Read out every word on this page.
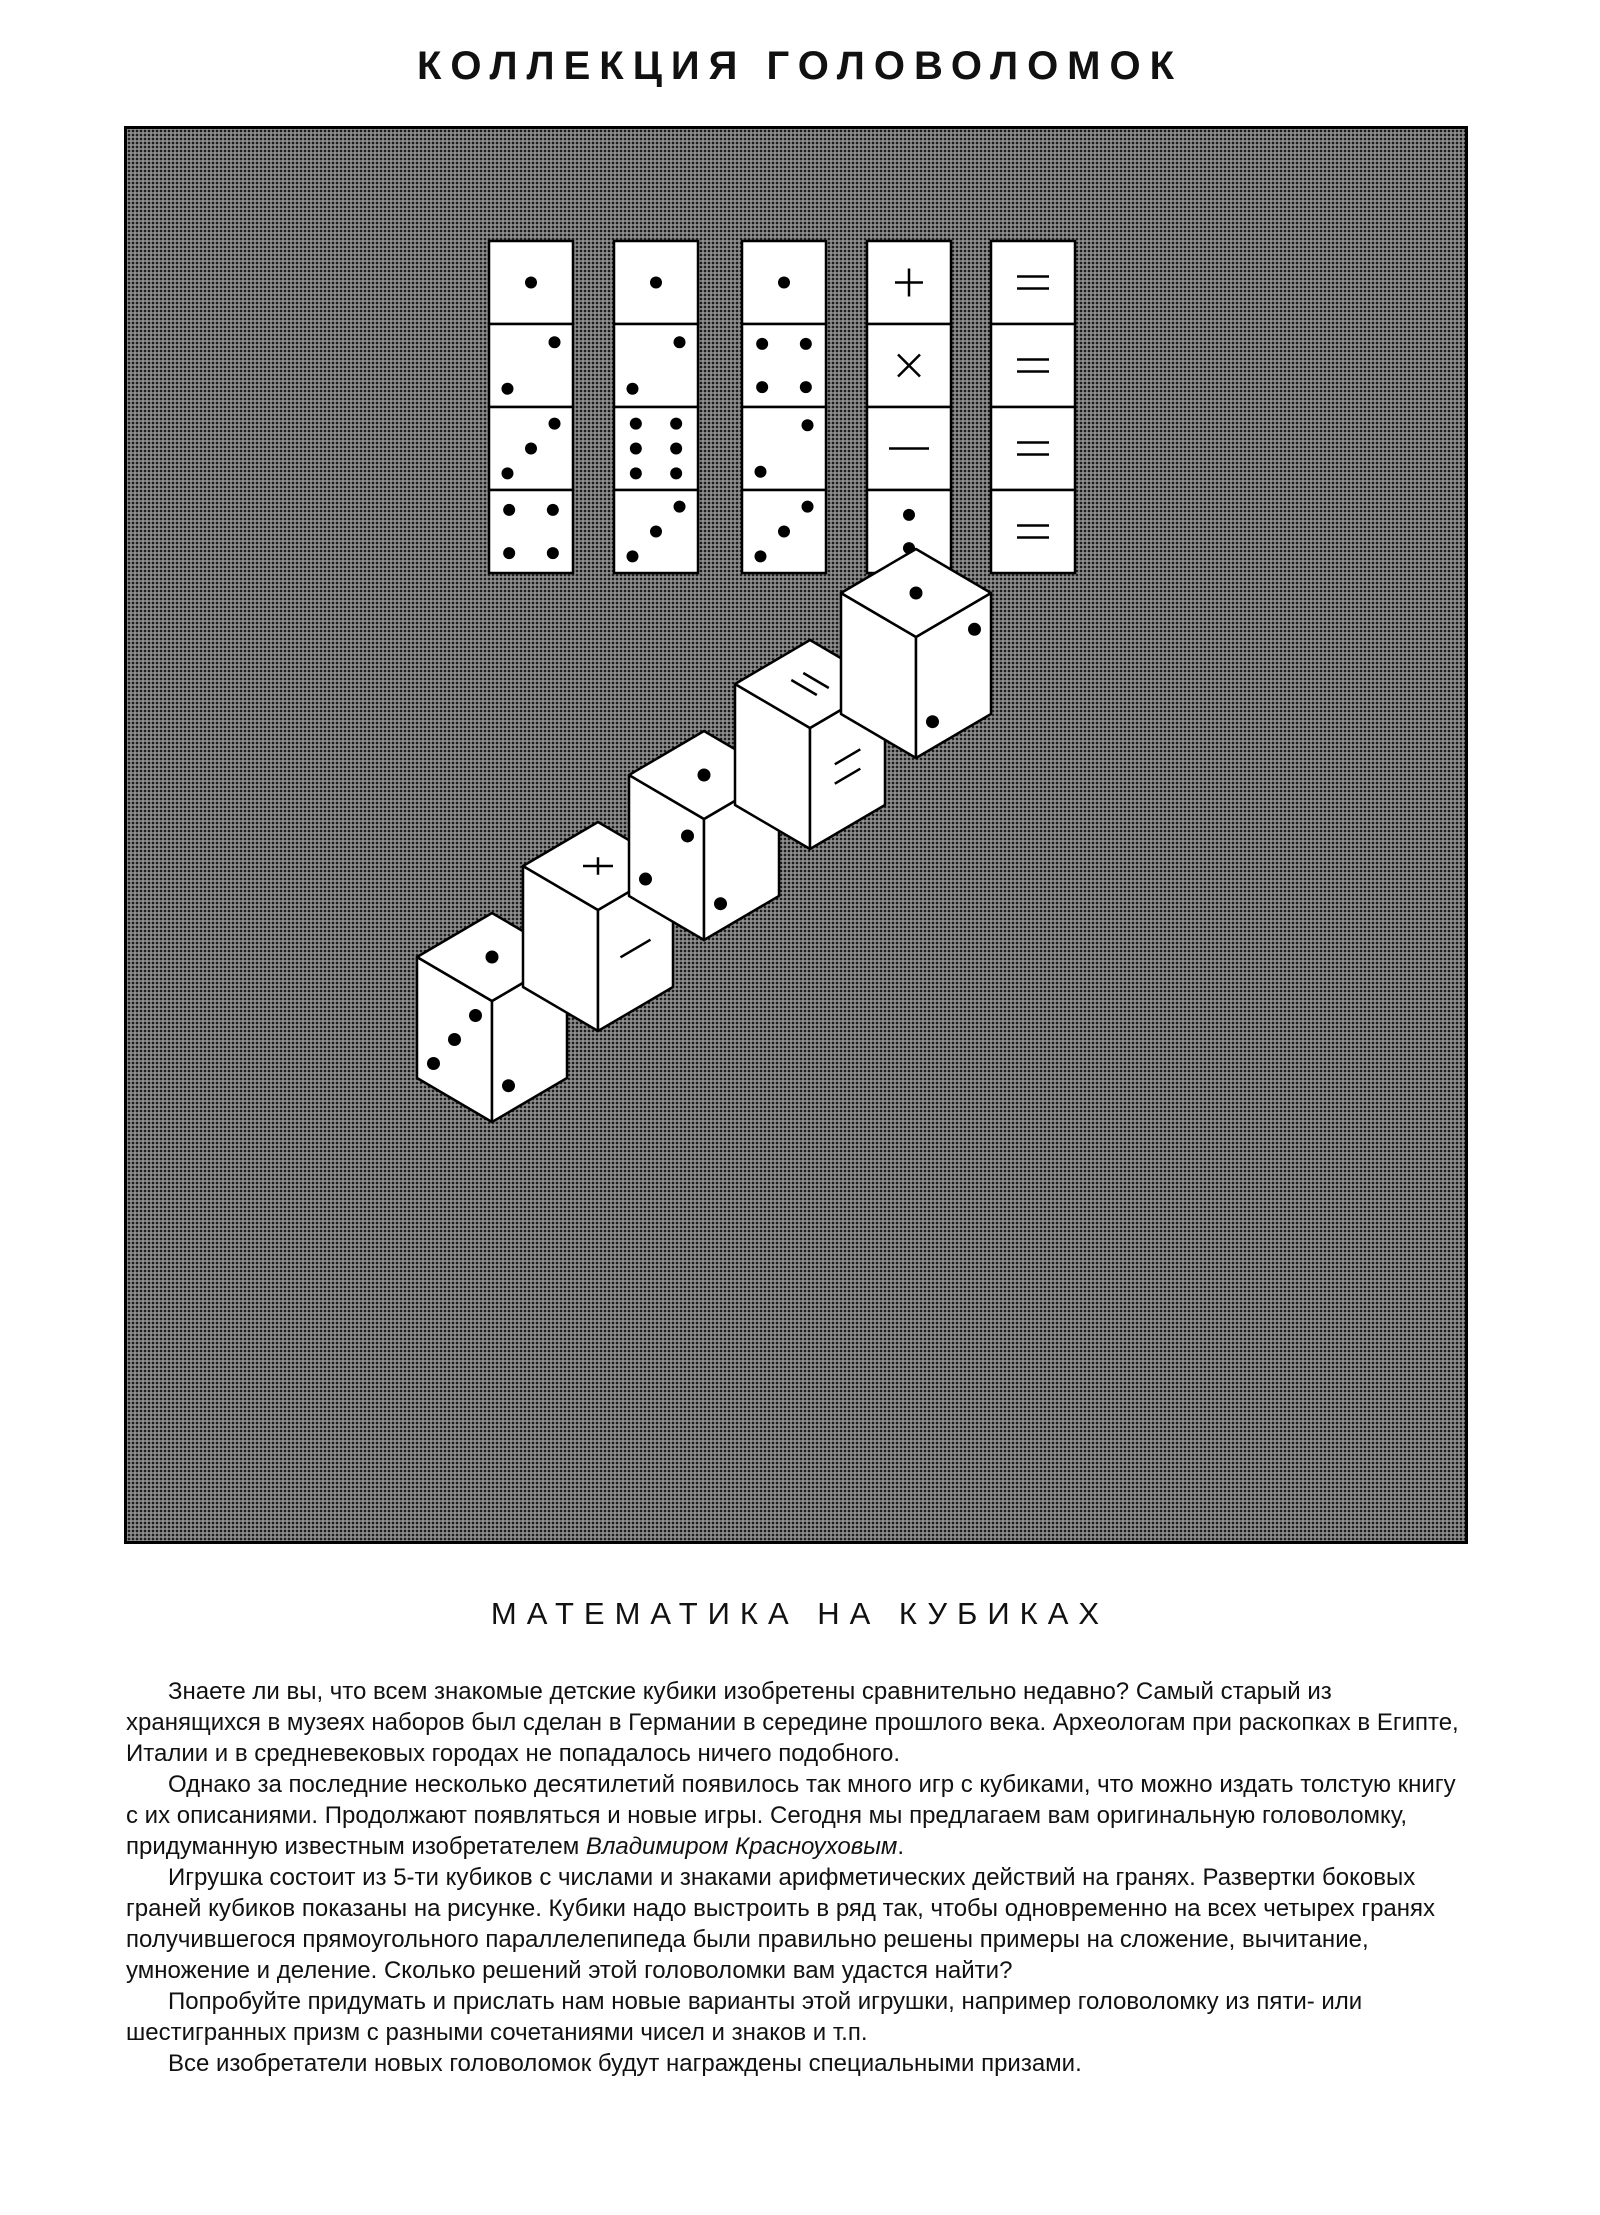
КОЛЛЕКЦИЯ ГОЛОВОЛОМОК
МАТЕМАТИКА НА КУБИКАХ

Знаете ли вы, что всем знакомые детские кубики изобретены сравнительно недавно? Самый старый из хранящихся в музеях наборов был сделан в Германии в середине прошлого века. Археологам при раскопках в Египте, Италии и в средневековых городах не попадалось ничего подобного.

Однако за последние несколько десятилетий появилось так много игр с кубиками, что можно издать толстую книгу с их описаниями. Продолжают появляться и новые игры. Сегодня мы предлагаем вам оригинальную головоломку, придуманную известным изобретателем Владимиром Красноуховым.

Игрушка состоит из 5-ти кубиков с числами и знаками арифметических действий на гранях. Развертки боковых граней кубиков показаны на рисунке. Кубики надо выстроить в ряд так, чтобы одновременно на всех четырех гранях получившегося прямоугольного параллелепипеда были правильно решены примеры на сложение, вычитание, умножение и деление. Сколько решений этой головоломки вам удастся найти?

Попробуйте придумать и прислать нам новые варианты этой игрушки, например головоломку из пяти- или шестигранных призм с разными сочетаниями чисел и знаков и т.п.

Все изобретатели новых головоломок будут награждены специальными призами.
